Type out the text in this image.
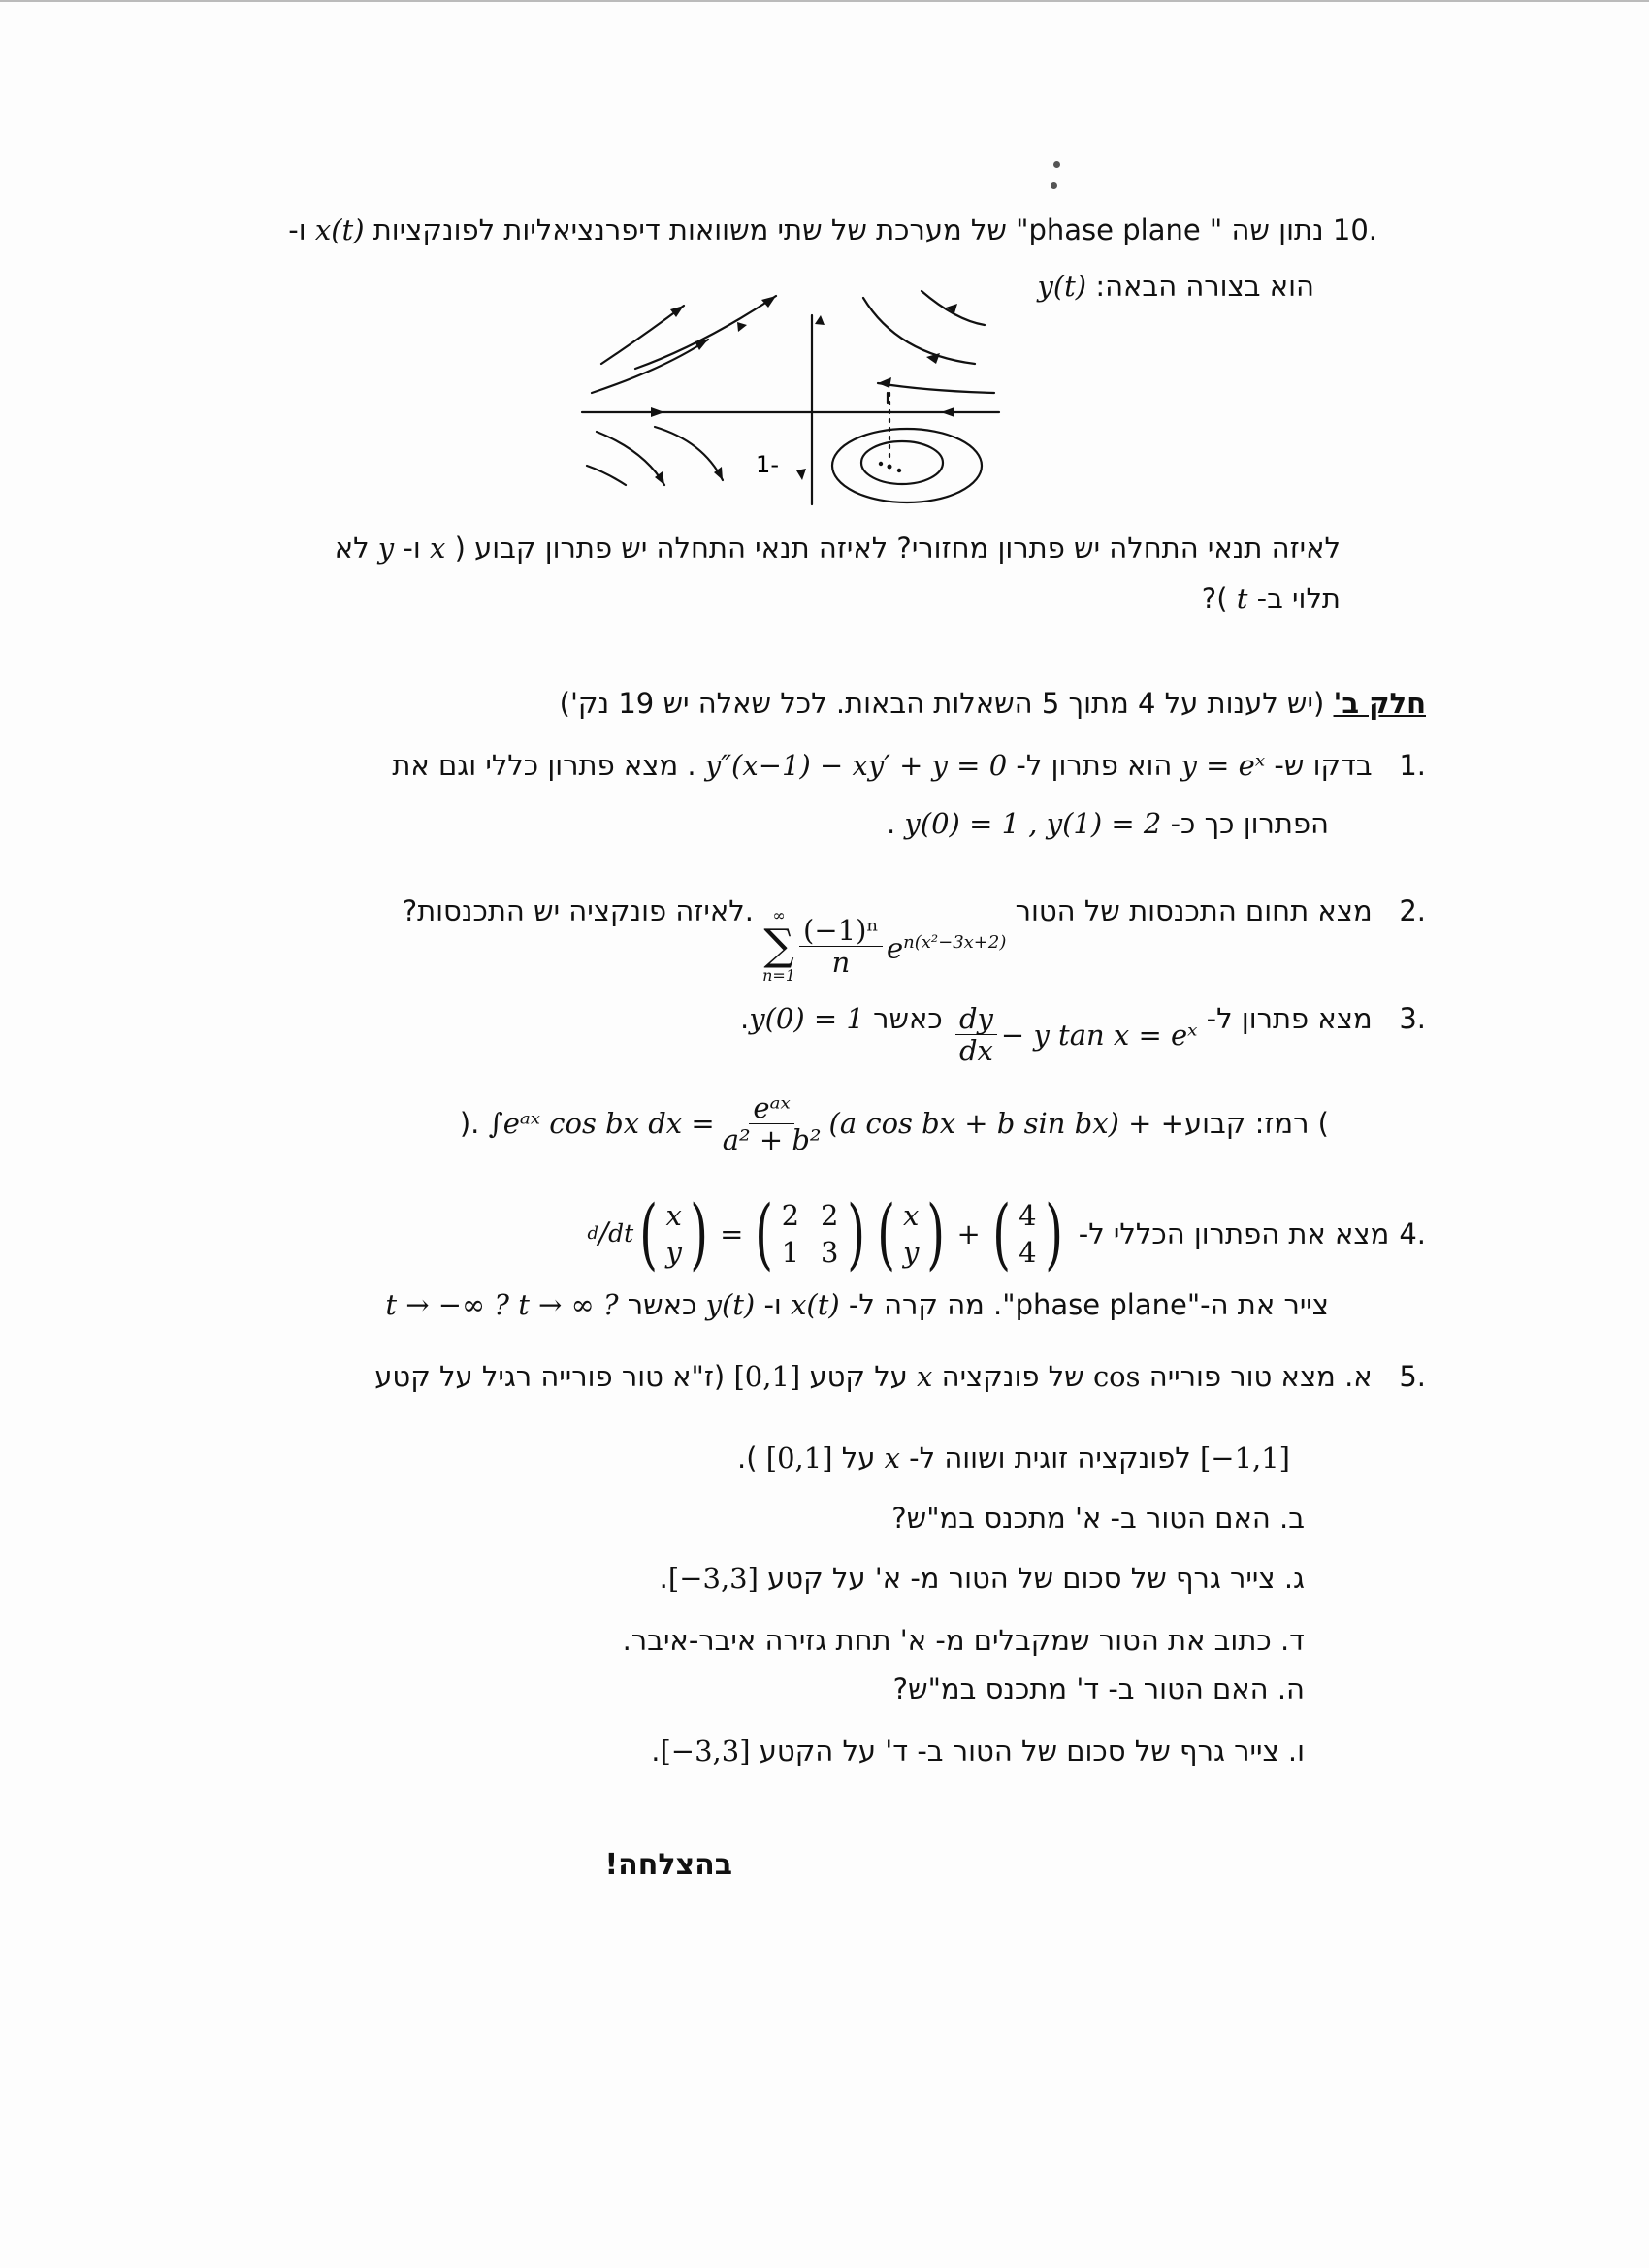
.10 נתון שה " phase plane" של מערכת של שתי משוואות דיפרנציאליות לפונקציות x(t) ו-
הוא בצורה הבאה: y(t)
-1
לאיזה תנאי התחלה יש פתרון מחזורי? לאיזה תנאי התחלה יש פתרון קבוע ( x ו- y לא
תלוי ב- t )?
חלק ב' (יש לענות על 4 מתוך 5 השאלות הבאות. לכל שאלה יש 19 נק')
.1   בדקו ש- y = eˣ הוא פתרון ל- y″(x−1) − xy′ + y = 0 . מצא פתרון כללי וגם את
הפתרון כך כ- y(0) = 1 , y(1) = 2 .
.2   מצא תחום התכנסות של הטור
∞
∑
$n=1 \frac{\text{(−1)ⁿ}}{n} e^{n(x^2-3x+2)}$
.לאיזה פונקציה יש התכנסות?
.3   מצא פתרון ל-
$\frac{dy}{dx} - y$ tan x = eˣ
כאשר y(0) = 1.
) רמז: קבוע+
∫eᵃˣ cos bx dx = $\frac{\text{eᵃˣ}}{\text{a² + b²}} (a$ cos bx + b sin bx) +
.(
.4
מצא את הפתרון הכללי ל-
d / dt ( x
y ) = ( 2 2
1 3 ) ( x
y ) + ( 4
4 )
צייר את ה-"phase plane". מה קרה ל- x(t) ו- y(t) כאשר t → ∞ ? t → −∞ ?
.5   א. מצא טור פורייה cos של פונקציה x על קטע [0,1] (ז"א טור פורייה רגיל על קטע
[−1,1] לפונקציה זוגית ושווה ל- x על [0,1] ).
ב. האם הטור ב- א' מתכנס במ"ש?
ג. צייר גרף של סכום של הטור מ- א' על קטע [−3,3].
ד. כתוב את הטור שמקבלים מ- א' תחת גזירה איבר-איבר.
ה. האם הטור ב- ד' מתכנס במ"ש?
ו. צייר גרף של סכום של הטור ב- ד' על הקטע [−3,3].
בהצלחה!
